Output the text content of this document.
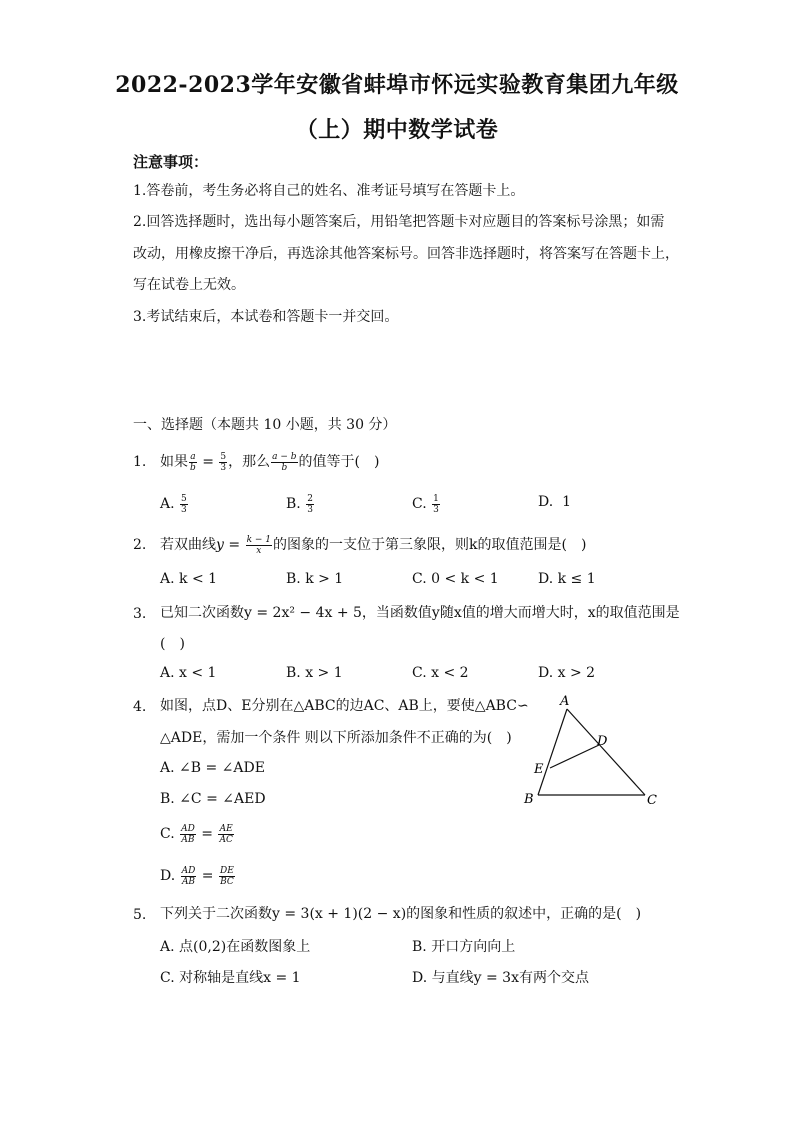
2022-2023学年安徽省蚌埠市怀远实验教育集团九年级
（上）期中数学试卷
注意事项：
1.答卷前，考生务必将自己的姓名、准考证号填写在答题卡上。
2.回答选择题时，选出每小题答案后，用铅笔把答题卡对应题目的答案标号涂黑；如需
改动，用橡皮擦干净后，再选涂其他答案标号。回答非选择题时，将答案写在答题卡上，
写在试卷上无效。
3.考试结束后，本试卷和答题卡一并交回。
一、选择题（本题共 10 小题，共 30 分）
1. 如果 $\frac{a}{b} = \frac{5}{3}$ ，那么 $\frac{a - b}{b}$ 的值等于(　)
A. $\frac{5}{3}$	B. $\frac{2}{3}$	C. $\frac{1}{3}$	D. 1
2. 若双曲线$y = \frac{k - 1}{x}$ 的图象的一支位于第三象限，则k的取值范围是(　)
A. k < 1	B. k > 1	C. 0 < k < 1	D. k ≤ 1
3. 已知二次函数y = 2x² − 4x + 5，当函数值y随x值的增大而增大时，x的取值范围是
(　)
A. x < 1	B. x > 1	C. x < 2	D. x > 2
4. 如图，点D、E分别在△ABC的边AC、AB上，要使△ABC∽
△ADE，需加一个条件 则以下所添加条件不正确的为(　)
A. ∠B = ∠ADE
B. ∠C = ∠AED
C. $\frac{AD}{AB} = \frac{AE}{AC}$
D. $\frac{AD}{AB} = \frac{DE}{BC}$
A
B	C
D
E
5. 下列关于二次函数y = 3(x + 1)(2 − x)的图象和性质的叙述中，正确的是(　)
A. 点(0,2)在函数图象上	B. 开口方向向上
C. 对称轴是直线x = 1	D. 与直线y = 3x有两个交点
